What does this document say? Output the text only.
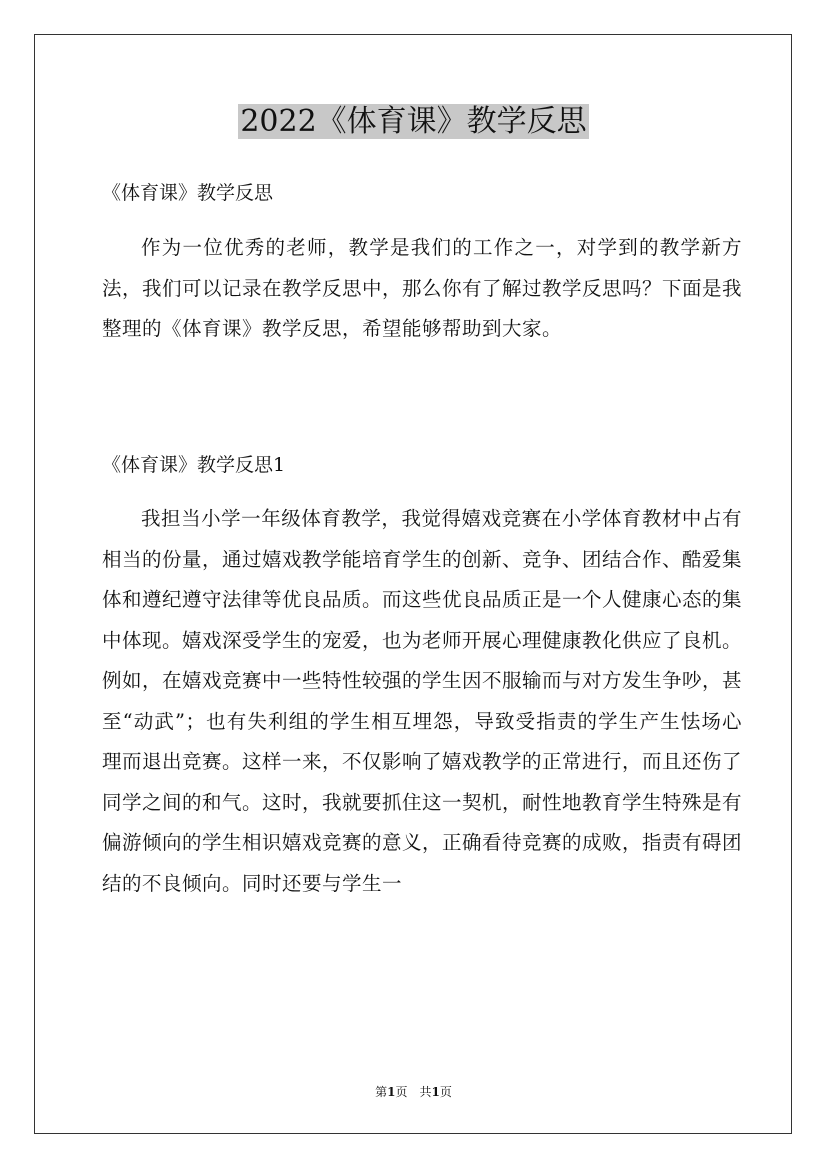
2022《体育课》教学反思

《体育课》教学反思

作为一位优秀的老师，教学是我们的工作之一，对学到的教学新方法，我们可以记录在教学反思中，那么你有了解过教学反思吗？下面是我整理的《体育课》教学反思，希望能够帮助到大家。

《体育课》教学反思1

我担当小学一年级体育教学，我觉得嬉戏竞赛在小学体育教材中占有相当的份量，通过嬉戏教学能培育学生的创新、竞争、团结合作、酷爱集体和遵纪遵守法律等优良品质。而这些优良品质正是一个人健康心态的集中体现。嬉戏深受学生的宠爱，也为老师开展心理健康教化供应了良机。例如，在嬉戏竞赛中一些特性较强的学生因不服输而与对方发生争吵，甚至“动武”；也有失利组的学生相互埋怨，导致受指责的学生产生怯场心理而退出竞赛。这样一来，不仅影响了嬉戏教学的正常进行，而且还伤了同学之间的和气。这时，我就要抓住这一契机，耐性地教育学生特殊是有偏游倾向的学生相识嬉戏竞赛的意义，正确看待竞赛的成败，指责有碍团结的不良倾向。同时还要与学生一

第1页　共1页
